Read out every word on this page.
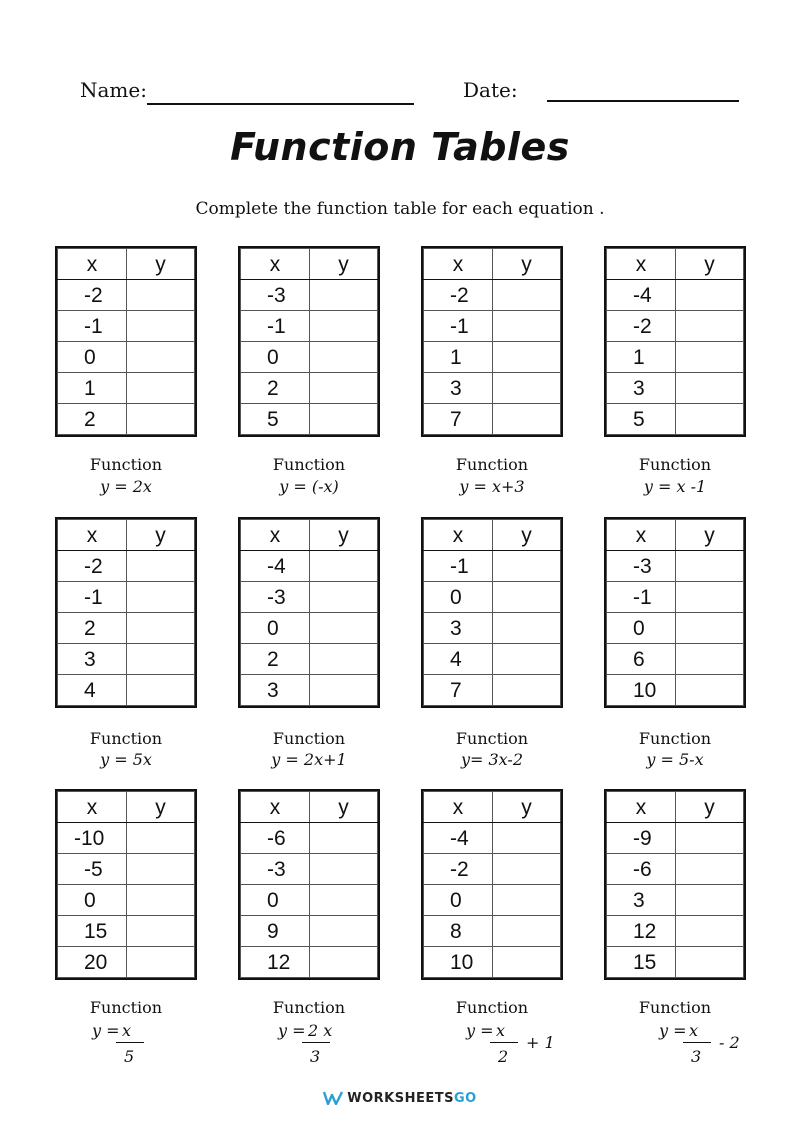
Name:	Date:
Function Tables
Complete the function table for each equation .
x	y
-2	
-1	
0	
1	
2	
Function
y = 2x
x	y
-3	
-1	
0	
2	
5	
Function
y = (-x)
x	y
-2	
-1	
1	
3	
7	
Function
y = x+3
x	y
-4	
-2	
1	
3	
5	
Function
y = x -1
x	y
-2	
-1	
2	
3	
4	
Function
y = 5x
x	y
-4	
-3	
0	
2	
3	
Function
y = 2x+1
x	y
-1	
0	
3	
4	
7	
Function
y= 3x-2
x	y
-3	
-1	
0	
6	
10	
Function
y = 5-x
x	y
-10	
-5	
0	
15	
20	
Function
y = x
5
x	y
-6	
-3	
0	
9	
12	
Function
y = 2 x
3
x	y
-4	
-2	
0	
8	
10	
Function
y = x
2
+ 1
x	y
-9	
-6	
3	
12	
15	
Function
y = x
3
- 2
WORKSHEETSGO
